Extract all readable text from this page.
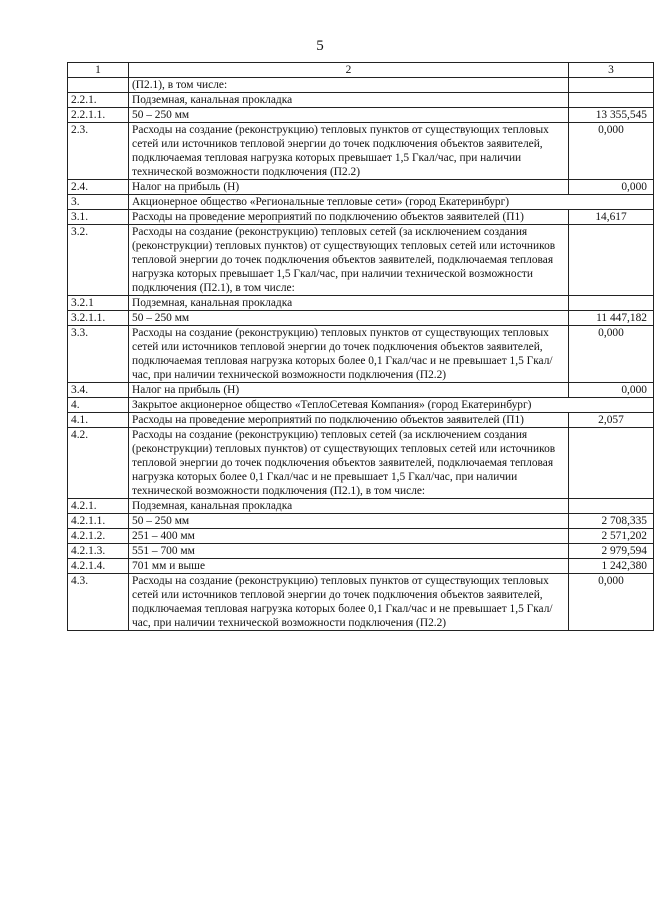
5
1	2	3
	(П2.1), в том числе:	
2.2.1.	Подземная, канальная прокладка	
2.2.1.1.	50 – 250 мм	13 355,545
2.3.	Расходы на создание (реконструкцию) тепловых пунктов от существующих тепловых сетей или источников тепловой энергии до точек подключения объектов заявителей, подключаемая тепловая нагрузка которых превышает 1,5 Гкал/час, при наличии технической возможности подключения (П2.2)	0,000
2.4.	Налог на прибыль (Н)	0,000
3.	Акционерное общество «Региональные тепловые сети» (город Екатеринбург)	
3.1.	Расходы на проведение мероприятий по подключению объектов заявителей (П1)	14,617
3.2.	Расходы на создание (реконструкцию) тепловых сетей (за исключением создания (реконструкции) тепловых пунктов) от существующих тепловых сетей или источников тепловой энергии до точек подключения объектов заявителей, подключаемая тепловая нагрузка которых превышает 1,5 Гкал/час, при наличии технической возможности подключения (П2.1), в том числе:	
3.2.1	Подземная, канальная прокладка	
3.2.1.1.	50 – 250 мм	11 447,182
3.3.	Расходы на создание (реконструкцию) тепловых пунктов от существующих тепловых сетей или источников тепловой энергии до точек подключения объектов заявителей, подключаемая тепловая нагрузка которых более 0,1 Гкал/час и не превышает 1,5 Гкал/час, при наличии технической возможности подключения (П2.2)	0,000
3.4.	Налог на прибыль (Н)	0,000
4.	Закрытое акционерное общество «ТеплоСетевая Компания» (город Екатеринбург)	
4.1.	Расходы на проведение мероприятий по подключению объектов заявителей (П1)	2,057
4.2.	Расходы на создание (реконструкцию) тепловых сетей (за исключением создания (реконструкции) тепловых пунктов) от существующих тепловых сетей или источников тепловой энергии до точек подключения объектов заявителей, подключаемая тепловая нагрузка которых более 0,1 Гкал/час и не превышает 1,5 Гкал/час, при наличии технической возможности подключения (П2.1), в том числе:	
4.2.1.	Подземная, канальная прокладка	
4.2.1.1.	50 – 250 мм	2 708,335
4.2.1.2.	251 – 400 мм	2 571,202
4.2.1.3.	551 – 700 мм	2 979,594
4.2.1.4.	701 мм и выше	1 242,380
4.3.	Расходы на создание (реконструкцию) тепловых пунктов от существующих тепловых сетей или источников тепловой энергии до точек подключения объектов заявителей, подключаемая тепловая нагрузка которых более 0,1 Гкал/час и не превышает 1,5 Гкал/час, при наличии технической возможности подключения (П2.2)	0,000
